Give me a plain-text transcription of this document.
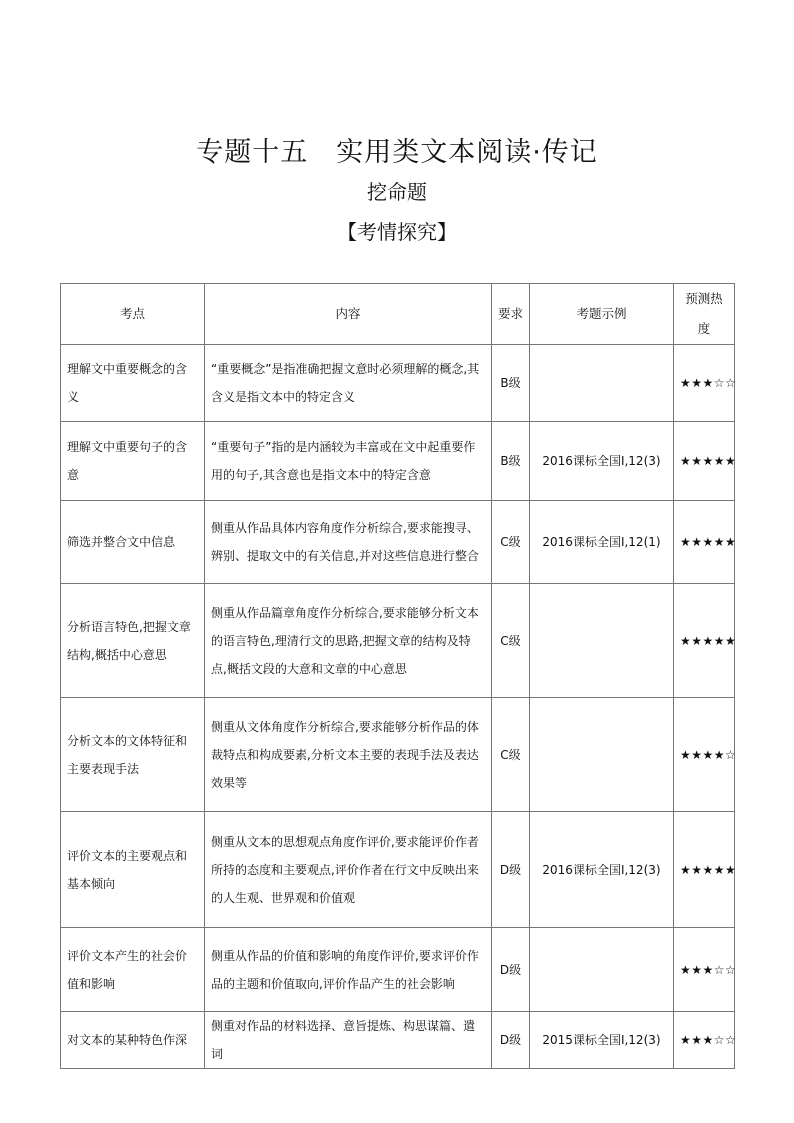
专题十五　实用类文本阅读·传记
挖命题
【考情探究】
考点	内容	要求	考题示例	预测热度
理解文中重要概念的含义	“重要概念”是指准确把握文意时必须理解的概念,其含义是指文本中的特定含义	B级		★★★☆☆
理解文中重要句子的含意	“重要句子”指的是内涵较为丰富或在文中起重要作用的句子,其含意也是指文本中的特定含意	B级	2016课标全国Ⅰ,12(3)	★★★★★
筛选并整合文中信息	侧重从作品具体内容角度作分析综合,要求能搜寻、辨别、提取文中的有关信息,并对这些信息进行整合	C级	2016课标全国Ⅰ,12(1)	★★★★★
分析语言特色,把握文章结构,概括中心意思	侧重从作品篇章角度作分析综合,要求能够分析文本的语言特色,理清行文的思路,把握文章的结构及特点,概括文段的大意和文章的中心意思	C级		★★★★★
分析文本的文体特征和主要表现手法	侧重从文体角度作分析综合,要求能够分析作品的体裁特点和构成要素,分析文本主要的表现手法及表达效果等	C级		★★★★☆
评价文本的主要观点和基本倾向	侧重从文本的思想观点角度作评价,要求能评价作者所持的态度和主要观点,评价作者在行文中反映出来的人生观、世界观和价值观	D级	2016课标全国Ⅰ,12(3)	★★★★★
评价文本产生的社会价值和影响	侧重从作品的价值和影响的角度作评价,要求评价作品的主题和价值取向,评价作品产生的社会影响	D级		★★★☆☆
对文本的某种特色作深	侧重对作品的材料选择、意旨提炼、构思谋篇、遣词	D级	2015课标全国Ⅰ,12(3)	★★★☆☆
